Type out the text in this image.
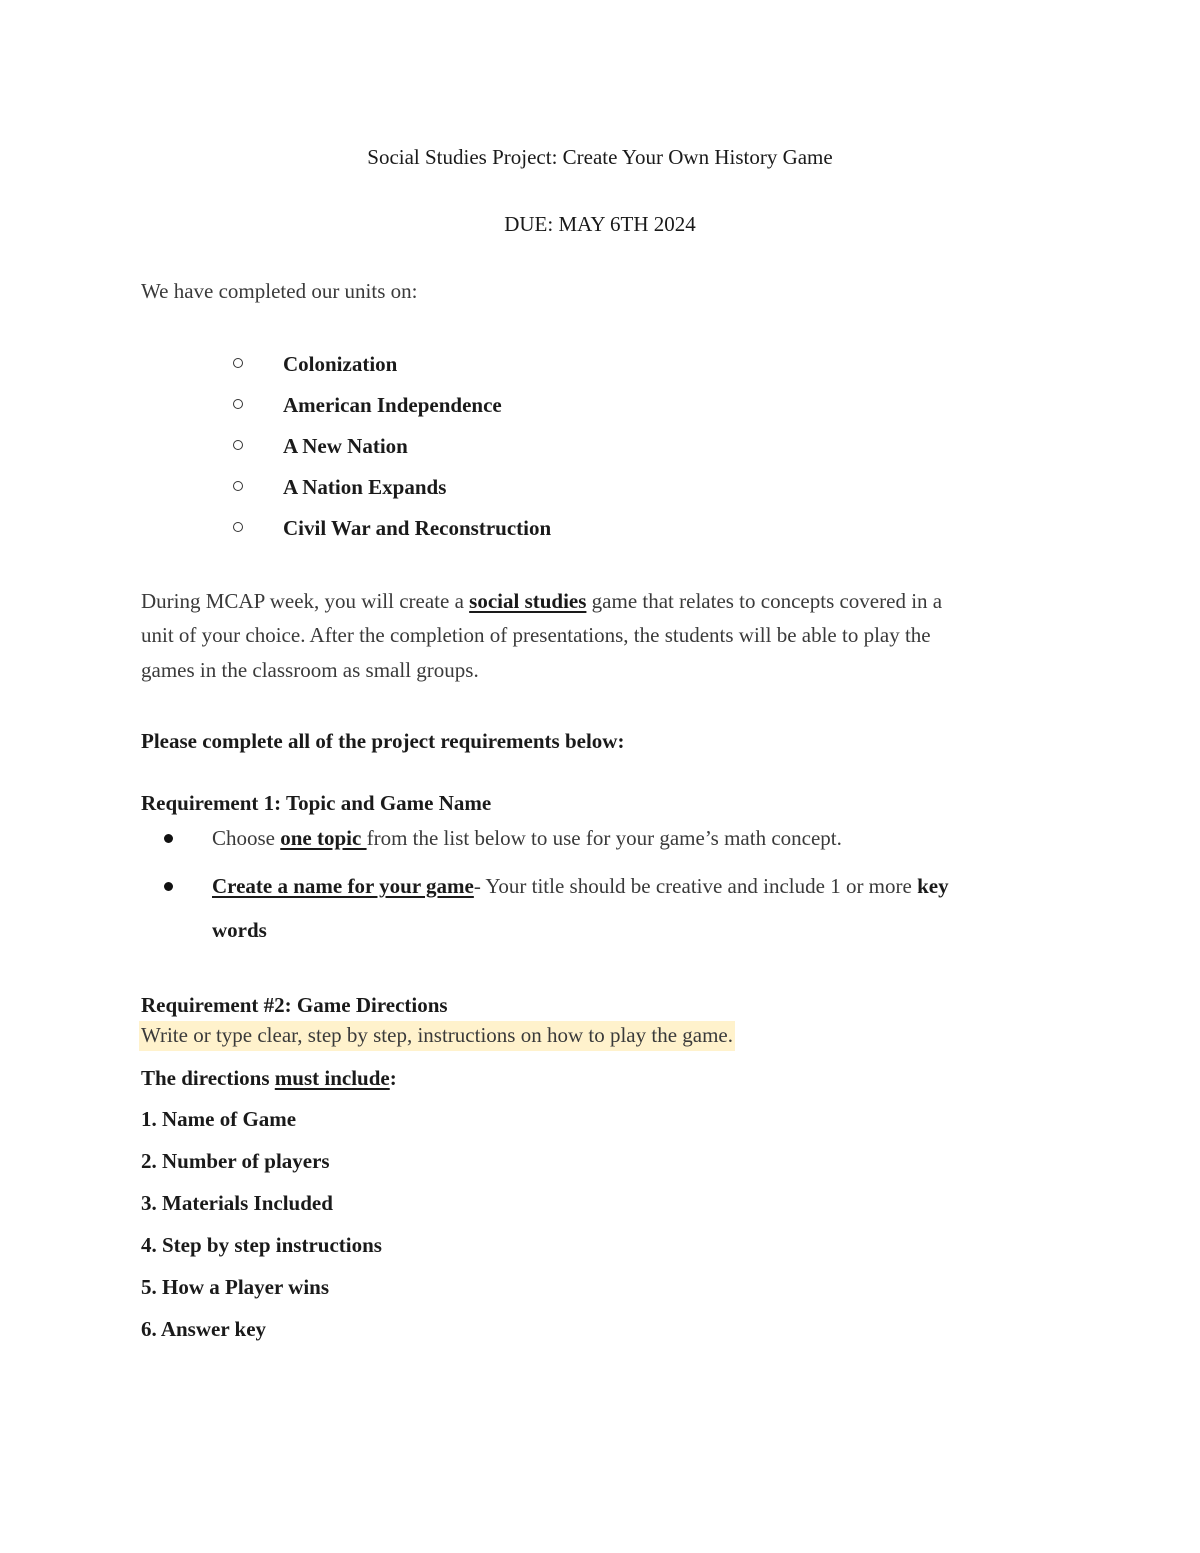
Social Studies Project: Create Your Own History Game
DUE: MAY 6TH 2024
We have completed our units on:
Colonization
American Independence
A New Nation
A Nation Expands
Civil War and Reconstruction
During MCAP week, you will create a social studies game that relates to concepts covered in a
unit of your choice. After the completion of presentations, the students will be able to play the
games in the classroom as small groups.
Please complete all of the project requirements below:
Requirement 1: Topic and Game Name
Choose one topic from the list below to use for your game’s math concept.
Create a name for your game- Your title should be creative and include 1 or more key
words
Requirement #2: Game Directions
Write or type clear, step by step, instructions on how to play the game.
The directions must include:
1. Name of Game
2. Number of players
3. Materials Included
4. Step by step instructions
5. How a Player wins
6. Answer key
